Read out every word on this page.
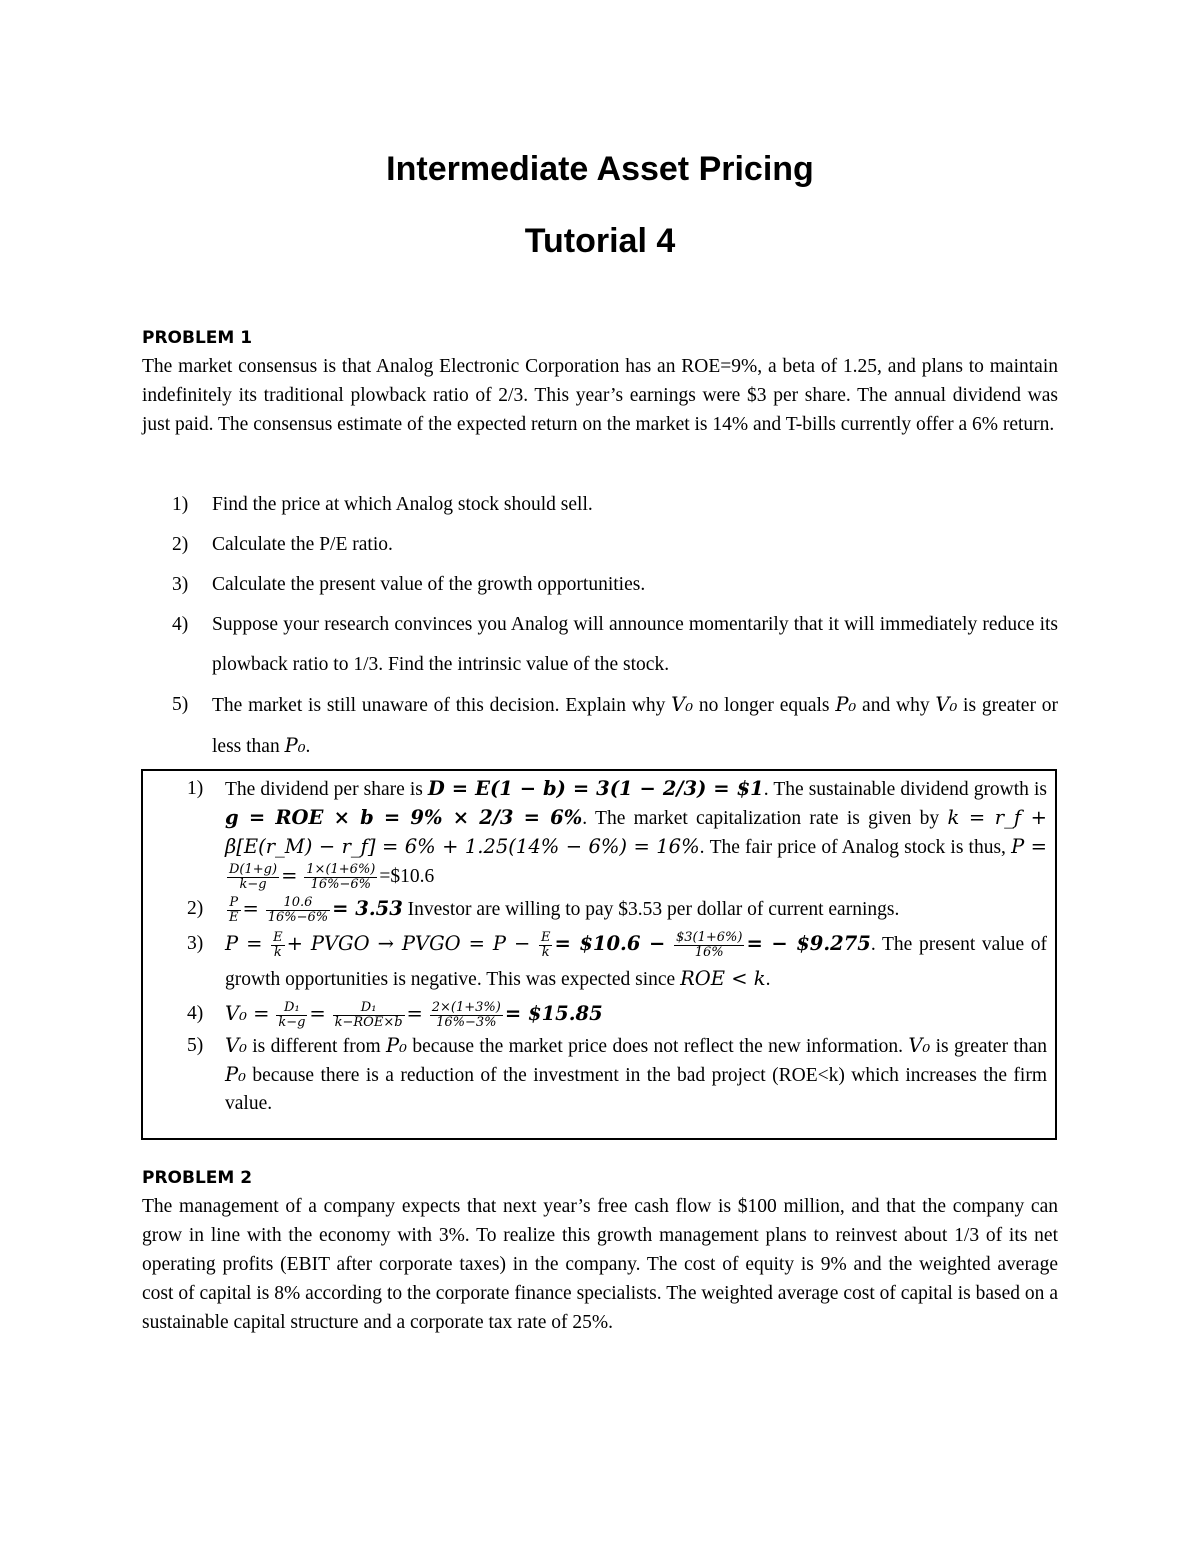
Intermediate Asset Pricing
Tutorial 4
PROBLEM 1

The market consensus is that Analog Electronic Corporation has an ROE=9%, a beta of 1.25, and plans to maintain indefinitely its traditional plowback ratio of 2/3. This year’s earnings were $3 per share. The annual dividend was just paid. The consensus estimate of the expected return on the market is 14% and T-bills currently offer a 6% return.

1) Find the price at which Analog stock should sell.
2) Calculate the P/E ratio.
3) Calculate the present value of the growth opportunities.
4) Suppose your research convinces you Analog will announce momentarily that it will immediately reduce its plowback ratio to 1/3. Find the intrinsic value of the stock.
5) The market is still unaware of this decision. Explain why V₀ no longer equals P₀ and why V₀ is greater or less than P₀.
1) The dividend per share is D = E(1 − b) = 3(1 − 2/3) = $1. The sustainable dividend growth is g = ROE × b = 9% × 2/3 = 6%. The market capitalization rate is given by k = r_f + β[E(r_M) − r_f] = 6% + 1.25(14% − 6%) = 16%. The fair price of Analog stock is thus, P =
$\frac{D(1+g)}{k-g} = \frac{1\times(1+6\%)}{16\%-6\%}$ =$10.6
$2) \frac{P}{E} = \frac{10.6}{16\%-6\%} = 3.53$ Investor are willing to pay $3.53 per dollar of current earnings.
3) $P = \frac{E}{k}$ + PVGO → PVGO = $P - \frac{E}{k}$ = $10.6 − $\frac{\$3(1+6\%)}{16\%}$ = − $9.275. The present value of growth opportunities is negative. This was expected since ROE < k.
4) $V_0 = \frac{\text{D₁}}{k-g} = \frac{\text{D₁}}{\text{k−ROE×b}} = \frac{2\times(1+3\%)}{16\%-3\%}$ = $15.85
5) V₀ is different from P₀ because the market price does not reflect the new information. V₀ is greater than P₀ because there is a reduction of the investment in the bad project (ROE<k) which increases the firm value.
PROBLEM 2

The management of a company expects that next year’s free cash flow is $100 million, and that the company can grow in line with the economy with 3%. To realize this growth management plans to reinvest about 1/3 of its net operating profits (EBIT after corporate taxes) in the company. The cost of equity is 9% and the weighted average cost of capital is 8% according to the corporate finance specialists. The weighted average cost of capital is based on a sustainable capital structure and a corporate tax rate of 25%.
